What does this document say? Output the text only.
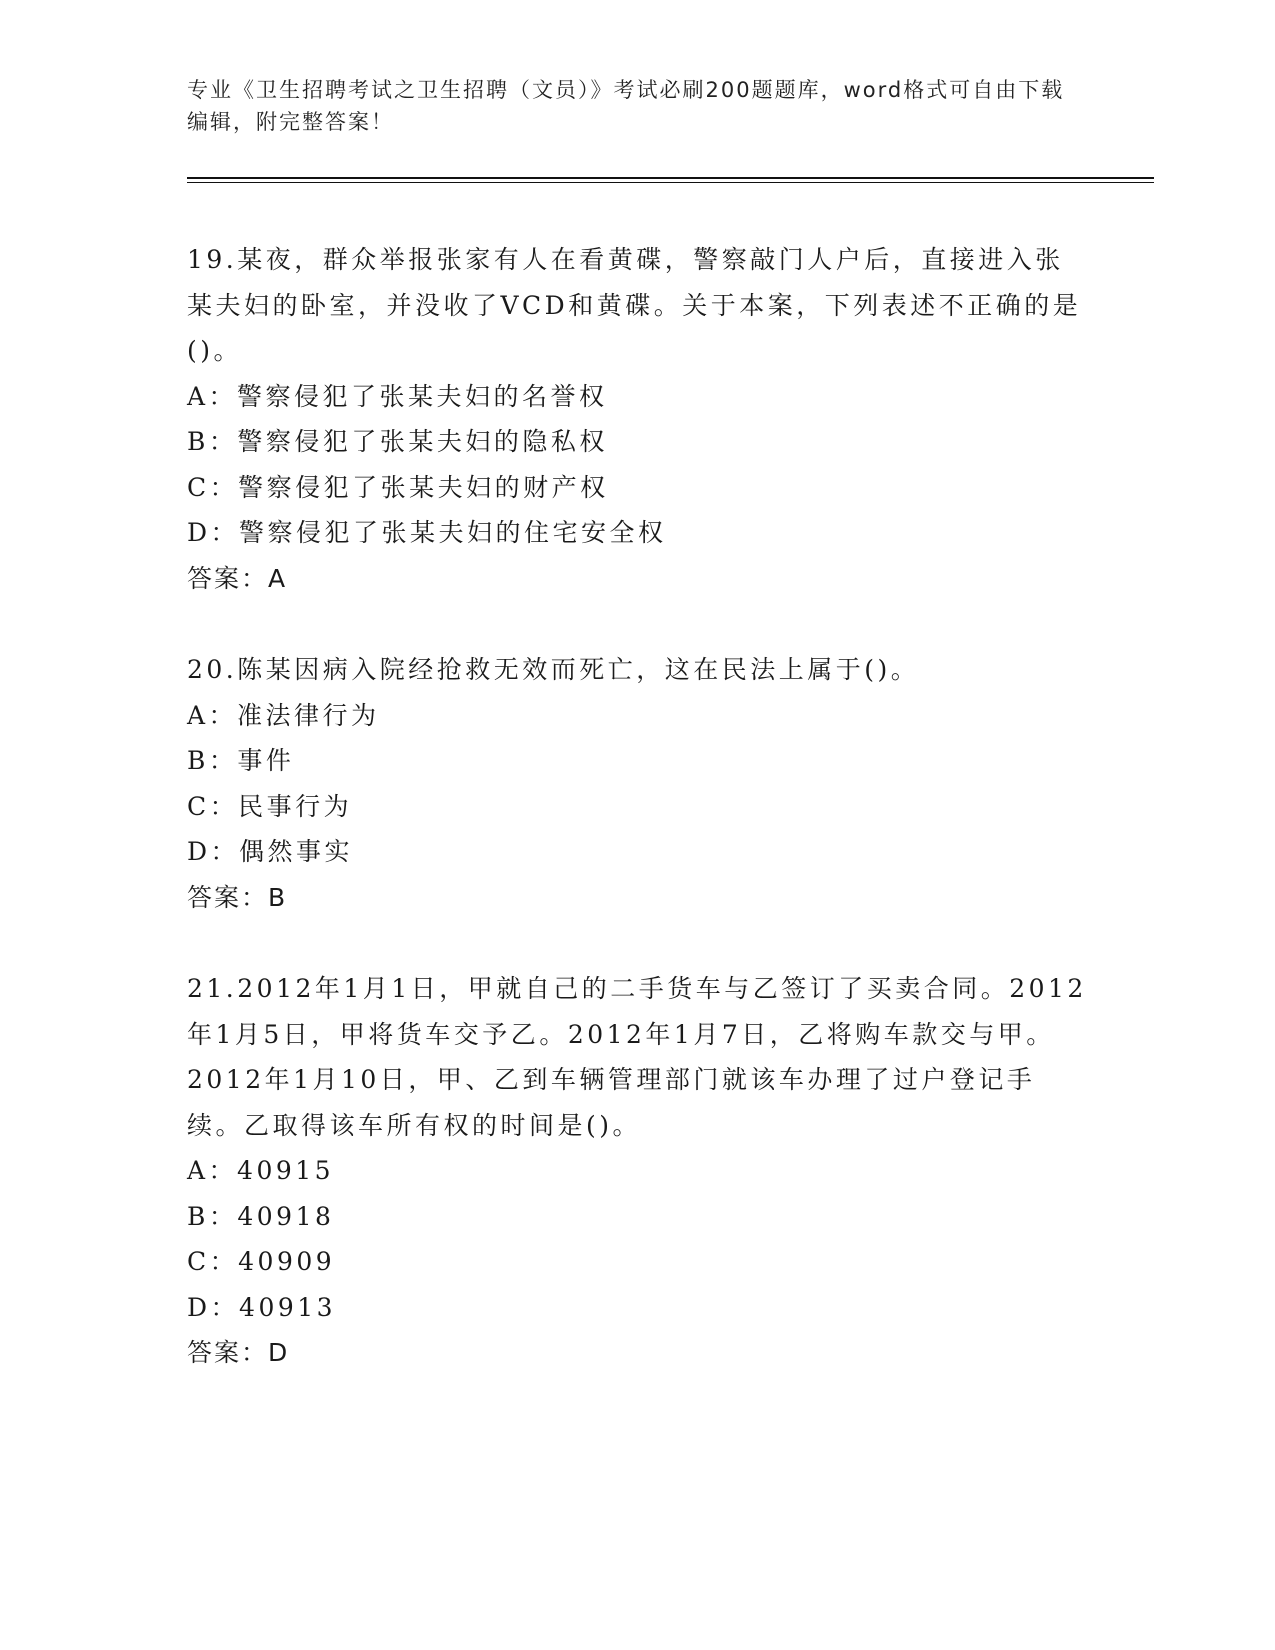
专业《卫生招聘考试之卫生招聘（文员）》考试必刷200题题库，word格式可自由下载编辑，附完整答案！

19.某夜，群众举报张家有人在看黄碟，警察敲门人户后，直接进入张某夫妇的卧室，并没收了VCD和黄碟。关于本案，下列表述不正确的是()。

A：警察侵犯了张某夫妇的名誉权

B：警察侵犯了张某夫妇的隐私权

C：警察侵犯了张某夫妇的财产权

D：警察侵犯了张某夫妇的住宅安全权

答案：A

20.陈某因病入院经抢救无效而死亡，这在民法上属于()。

A：准法律行为

B：事件

C：民事行为

D：偶然事实

答案：B

21.2012年1月1日，甲就自己的二手货车与乙签订了买卖合同。2012年1月5日，甲将货车交予乙。2012年1月7日，乙将购车款交与甲。2012年1月10日，甲、乙到车辆管理部门就该车办理了过户登记手续。乙取得该车所有权的时间是()。

A：40915

B：40918

C：40909

D：40913

答案：D
